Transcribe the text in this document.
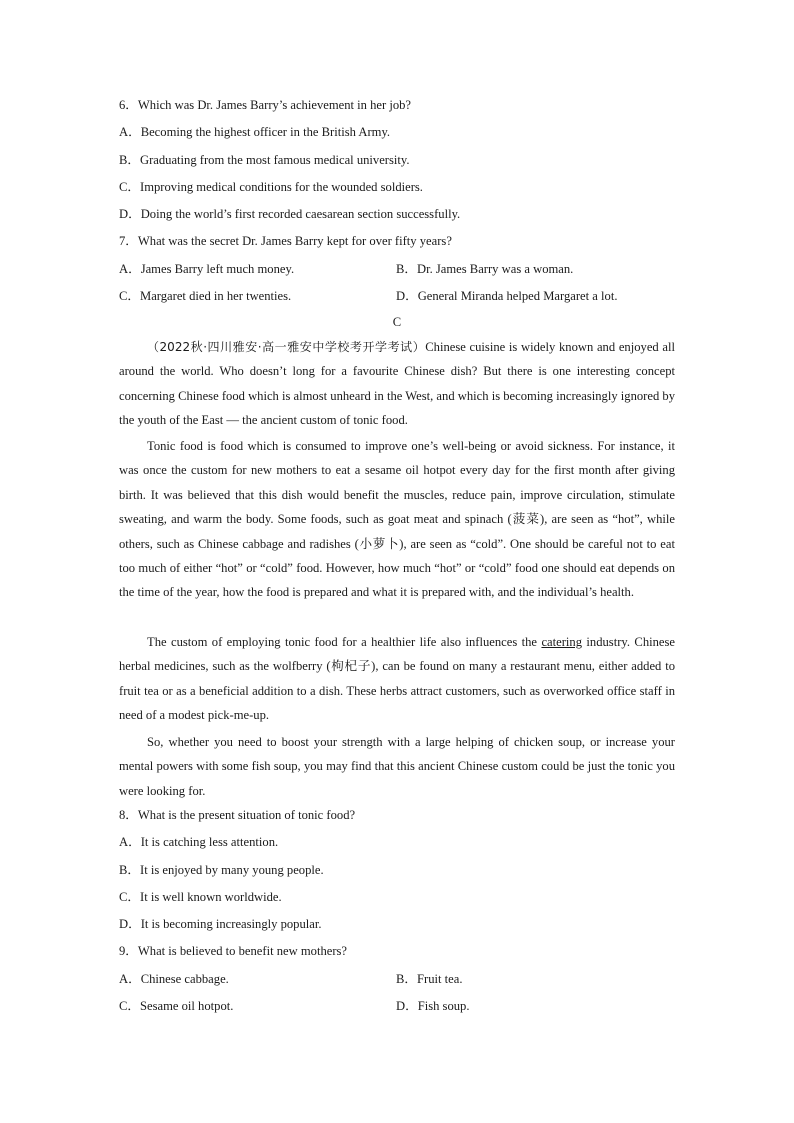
6．Which was Dr. James Barry’s achievement in her job?
A．Becoming the highest officer in the British Army.
B．Graduating from the most famous medical university.
C．Improving medical conditions for the wounded soldiers.
D．Doing the world’s first recorded caesarean section successfully.
7．What was the secret Dr. James Barry kept for over fifty years?
A．James Barry left much money.	B．Dr. James Barry was a woman.
C．Margaret died in her twenties.	D．General Miranda helped Margaret a lot.
C
（2022秋·四川雅安·高一雅安中学校考开学考试）Chinese cuisine is widely known and enjoyed all around the world. Who doesn’t long for a favourite Chinese dish? But there is one interesting concept concerning Chinese food which is almost unheard in the West, and which is becoming increasingly ignored by the youth of the East — the ancient custom of tonic food.
Tonic food is food which is consumed to improve one’s well-being or avoid sickness. For instance, it was once the custom for new mothers to eat a sesame oil hotpot every day for the first month after giving birth. It was believed that this dish would benefit the muscles, reduce pain, improve circulation, stimulate sweating, and warm the body. Some foods, such as goat meat and spinach (菠菜), are seen as “hot”, while others, such as Chinese cabbage and radishes (小萝卜), are seen as “cold”. One should be careful not to eat too much of either “hot” or “cold” food. However, how much “hot” or “cold” food one should eat depends on the time of the year, how the food is prepared and what it is prepared with, and the individual’s health.
The custom of employing tonic food for a healthier life also influences the catering industry. Chinese herbal medicines, such as the wolfberry (枸杞子), can be found on many a restaurant menu, either added to fruit tea or as a beneficial addition to a dish. These herbs attract customers, such as overworked office staff in need of a modest pick-me-up.
So, whether you need to boost your strength with a large helping of chicken soup, or increase your mental powers with some fish soup, you may find that this ancient Chinese custom could be just the tonic you were looking for.
8．What is the present situation of tonic food?
A．It is catching less attention.
B．It is enjoyed by many young people.
C．It is well known worldwide.
D．It is becoming increasingly popular.
9．What is believed to benefit new mothers?
A．Chinese cabbage.	B．Fruit tea.
C．Sesame oil hotpot.	D．Fish soup.
